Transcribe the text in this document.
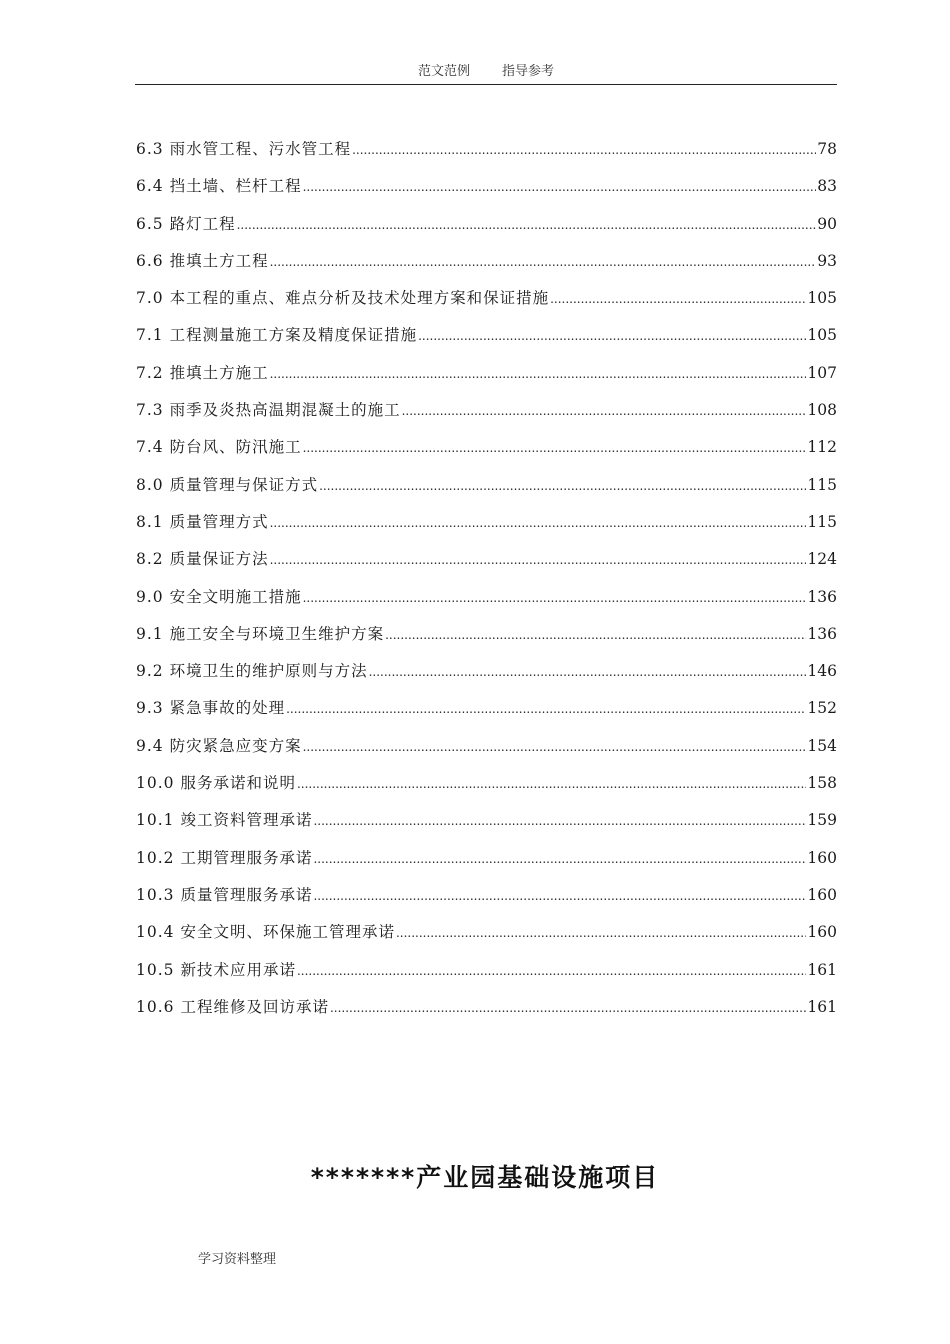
范文范例 指导参考
6.3 雨水管工程、污水管工程 .....	78
6.4 挡土墙、栏杆工程 .....	83
6.5 路灯工程 .....	90
6.6 推填土方工程 .....	93
7.0 本工程的重点、难点分析及技术处理方案和保证措施 .....	105
7.1 工程测量施工方案及精度保证措施 .....	105
7.2 推填土方施工 .....	107
7.3 雨季及炎热高温期混凝土的施工 .....	108
7.4 防台风、防汛施工 .....	112
8.0 质量管理与保证方式 .....	115
8.1 质量管理方式 .....	115
8.2 质量保证方法 .....	124
9.0 安全文明施工措施 .....	136
9.1 施工安全与环境卫生维护方案 .....	136
9.2 环境卫生的维护原则与方法 .....	146
9.3 紧急事故的处理 .....	152
9.4 防灾紧急应变方案 .....	154
10.0 服务承诺和说明 .....	158
10.1 竣工资料管理承诺 .....	159
10.2 工期管理服务承诺 .....	160
10.3 质量管理服务承诺 .....	160
10.4 安全文明、环保施工管理承诺 .....	160
10.5 新技术应用承诺 .....	161
10.6 工程维修及回访承诺 .....	161
*******产业园基础设施项目
学习资料整理
